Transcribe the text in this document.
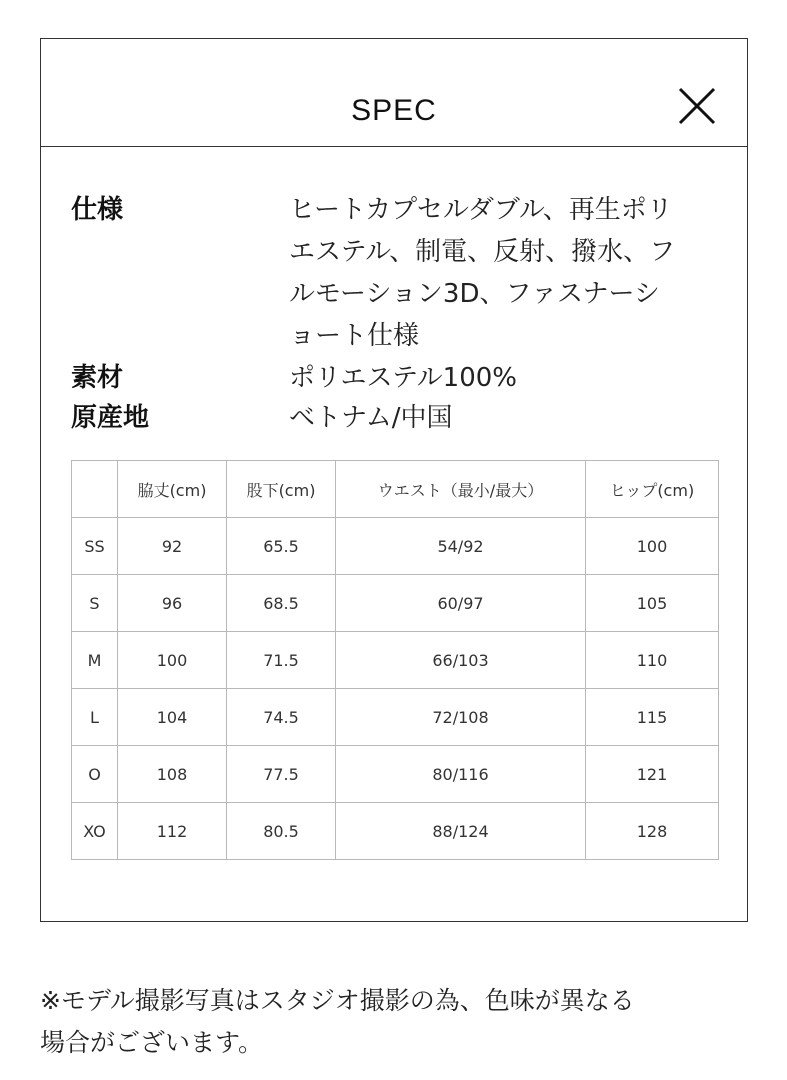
SPEC
仕様	ヒートカプセルダブル、再生ポリ
エステル、制電、反射、撥水、フ
ルモーション3D、ファスナーシ
ョート仕様
素材	ポリエステル100%
原産地	ベトナム/中国
	脇丈(cm)	股下(cm)	ウエスト（最小/最大）	ヒップ(cm)
SS	92	65.5	54/92	100
S	96	68.5	60/97	105
M	100	71.5	66/103	110
L	104	74.5	72/108	115
O	108	77.5	80/116	121
XO	112	80.5	88/124	128
※モデル撮影写真はスタジオ撮影の為、色味が異なる
場合がございます。
